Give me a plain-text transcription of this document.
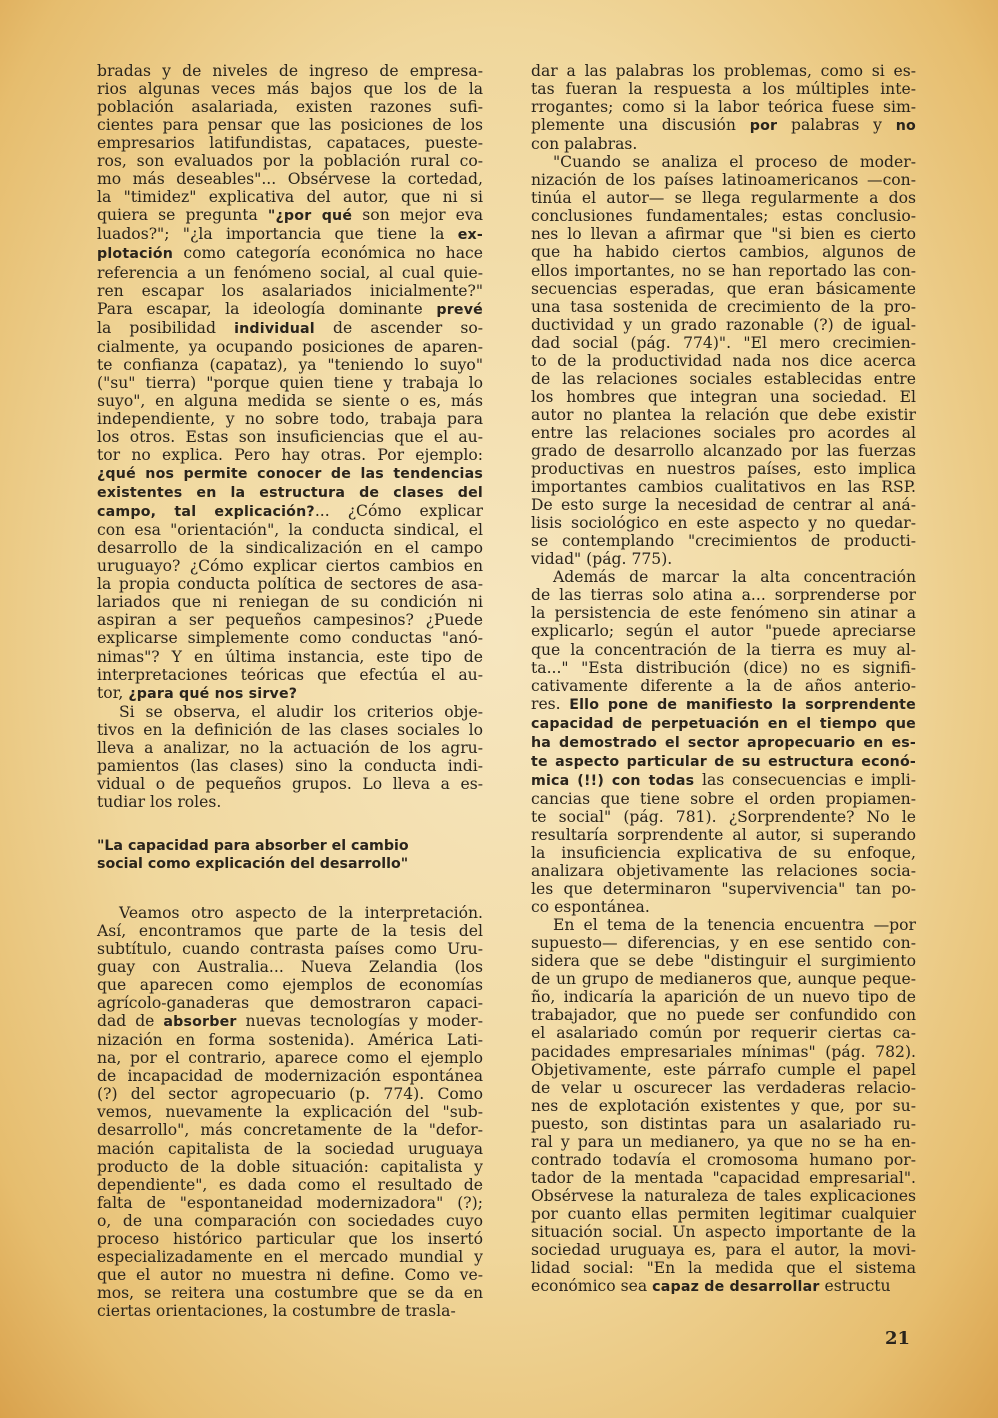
bradas y de niveles de ingreso de empresa-
rios algunas veces más bajos que los de la
población asalariada, existen razones sufi-
cientes para pensar que las posiciones de los
empresarios latifundistas, capataces, pueste-
ros, son evaluados por la población rural co-
mo más deseables"... Obsérvese la cortedad,
la "timidez" explicativa del autor, que ni si
quiera se pregunta "¿por qué son mejor eva
luados?"; "¿la importancia que tiene la ex-
plotación como categoría económica no hace
referencia a un fenómeno social, al cual quie-
ren escapar los asalariados inicialmente?"
Para escapar, la ideología dominante prevé
la posibilidad individual de ascender so-
cialmente, ya ocupando posiciones de aparen-
te confianza (capataz), ya "teniendo lo suyo"
("su" tierra) "porque quien tiene y trabaja lo
suyo", en alguna medida se siente o es, más
independiente, y no sobre todo, trabaja para
los otros. Estas son insuficiencias que el au-
tor no explica. Pero hay otras. Por ejemplo:
¿qué nos permite conocer de las tendencias
existentes en la estructura de clases del
campo, tal explicación?... ¿Cómo explicar
con esa "orientación", la conducta sindical, el
desarrollo de la sindicalización en el campo
uruguayo? ¿Cómo explicar ciertos cambios en
la propia conducta política de sectores de asa-
lariados que ni reniegan de su condición ni
aspiran a ser pequeños campesinos? ¿Puede
explicarse simplemente como conductas "anó-
nimas"? Y en última instancia, este tipo de
interpretaciones teóricas que efectúa el au-
tor, ¿para qué nos sirve?
Si se observa, el aludir los criterios obje-
tivos en la definición de las clases sociales lo
lleva a analizar, no la actuación de los agru-
pamientos (las clases) sino la conducta indi-
vidual o de pequeños grupos. Lo lleva a es-
tudiar los roles.
"La capacidad para absorber el cambio
social como explicación del desarrollo"
Veamos otro aspecto de la interpretación.
Así, encontramos que parte de la tesis del
subtítulo, cuando contrasta países como Uru-
guay con Australia... Nueva Zelandia (los
que aparecen como ejemplos de economías
agrícolo-ganaderas que demostraron capaci-
dad de absorber nuevas tecnologías y moder-
nización en forma sostenida). América Lati-
na, por el contrario, aparece como el ejemplo
de incapacidad de modernización espontánea
(?) del sector agropecuario (p. 774). Como
vemos, nuevamente la explicación del "sub-
desarrollo", más concretamente de la "defor-
mación capitalista de la sociedad uruguaya
producto de la doble situación: capitalista y
dependiente", es dada como el resultado de
falta de "espontaneidad modernizadora" (?);
o, de una comparación con sociedades cuyo
proceso histórico particular que los insertó
especializadamente en el mercado mundial y
que el autor no muestra ni define. Como ve-
mos, se reitera una costumbre que se da en
ciertas orientaciones, la costumbre de trasla-
dar a las palabras los problemas, como si es-
tas fueran la respuesta a los múltiples inte-
rrogantes; como si la labor teórica fuese sim-
plemente una discusión por palabras y no
con palabras.
"Cuando se analiza el proceso de moder-
nización de los países latinoamericanos —con-
tinúa el autor— se llega regularmente a dos
conclusiones fundamentales; estas conclusio-
nes lo llevan a afirmar que "si bien es cierto
que ha habido ciertos cambios, algunos de
ellos importantes, no se han reportado las con-
secuencias esperadas, que eran básicamente
una tasa sostenida de crecimiento de la pro-
ductividad y un grado razonable (?) de igual-
dad social (pág. 774)". "El mero crecimien-
to de la productividad nada nos dice acerca
de las relaciones sociales establecidas entre
los hombres que integran una sociedad. El
autor no plantea la relación que debe existir
entre las relaciones sociales pro acordes al
grado de desarrollo alcanzado por las fuerzas
productivas en nuestros países, esto implica
importantes cambios cualitativos en las RSP.
De esto surge la necesidad de centrar al aná-
lisis sociológico en este aspecto y no quedar-
se contemplando "crecimientos de producti-
vidad" (pág. 775).
Además de marcar la alta concentración
de las tierras solo atina a... sorprenderse por
la persistencia de este fenómeno sin atinar a
explicarlo; según el autor "puede apreciarse
que la concentración de la tierra es muy al-
ta..." "Esta distribución (dice) no es signifi-
cativamente diferente a la de años anterio-
res. Ello pone de manifiesto la sorprendente
capacidad de perpetuación en el tiempo que
ha demostrado el sector apropecuario en es-
te aspecto particular de su estructura econó-
mica (!!) con todas las consecuencias e impli-
cancias que tiene sobre el orden propiamen-
te social" (pág. 781). ¿Sorprendente? No le
resultaría sorprendente al autor, si superando
la insuficiencia explicativa de su enfoque,
analizara objetivamente las relaciones socia-
les que determinaron "supervivencia" tan po-
co espontánea.
En el tema de la tenencia encuentra —por
supuesto— diferencias, y en ese sentido con-
sidera que se debe "distinguir el surgimiento
de un grupo de medianeros que, aunque peque-
ño, indicaría la aparición de un nuevo tipo de
trabajador, que no puede ser confundido con
el asalariado común por requerir ciertas ca-
pacidades empresariales mínimas" (pág. 782).
Objetivamente, este párrafo cumple el papel
de velar u oscurecer las verdaderas relacio-
nes de explotación existentes y que, por su-
puesto, son distintas para un asalariado ru-
ral y para un medianero, ya que no se ha en-
contrado todavía el cromosoma humano por-
tador de la mentada "capacidad empresarial".
Obsérvese la naturaleza de tales explicaciones
por cuanto ellas permiten legitimar cualquier
situación social. Un aspecto importante de la
sociedad uruguaya es, para el autor, la movi-
lidad social: "En la medida que el sistema
económico sea capaz de desarrollar estructu
21
